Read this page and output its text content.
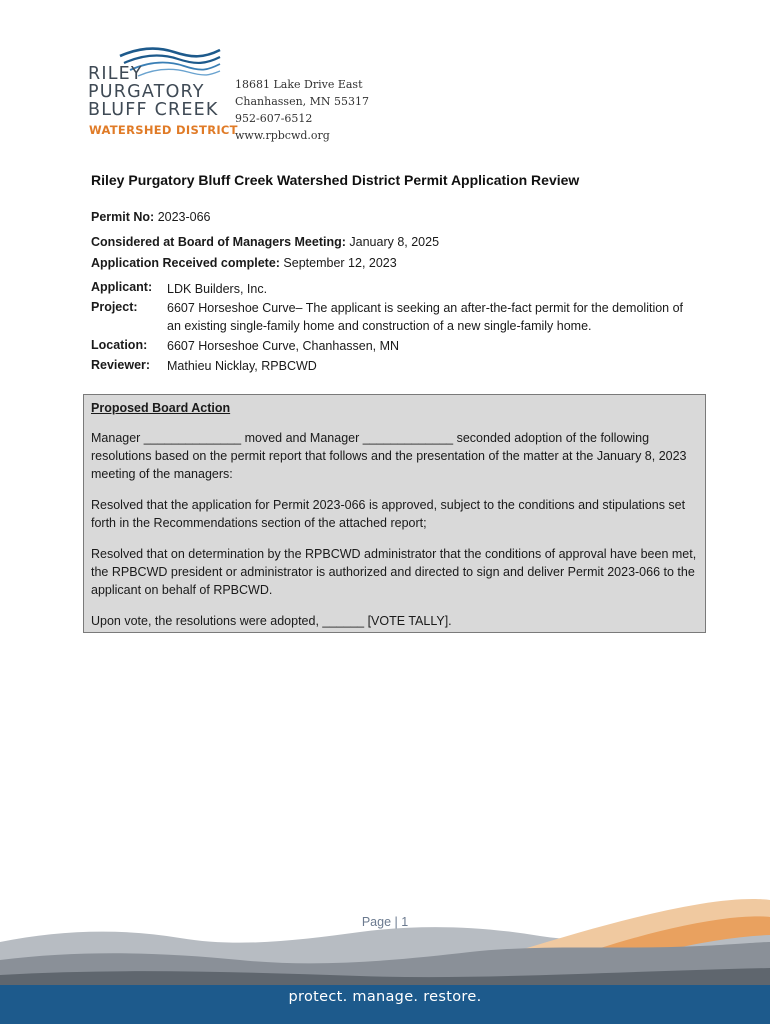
RILEY
PURGATORY
BLUFF CREEK
WATERSHED DISTRICT
18681 Lake Drive East
Chanhassen, MN 55317
952-607-6512
www.rpbcwd.org
Riley Purgatory Bluff Creek Watershed District Permit Application Review
Permit No: 2023-066
Considered at Board of Managers Meeting: January 8, 2025
Application Received complete: September 12, 2023
Applicant: LDK Builders, Inc.
Project: 6607 Horseshoe Curve– The applicant is seeking an after-the-fact permit for the demolition of an existing single-family home and construction of a new single-family home.
Location: 6607 Horseshoe Curve, Chanhassen, MN
Reviewer: Mathieu Nicklay, RPBCWD
Proposed Board Action

Manager ______________ moved and Manager _____________ seconded adoption of the following resolutions based on the permit report that follows and the presentation of the matter at the January 8, 2023 meeting of the managers:

Resolved that the application for Permit 2023-066 is approved, subject to the conditions and stipulations set forth in the Recommendations section of the attached report;

Resolved that on determination by the RPBCWD administrator that the conditions of approval have been met, the RPBCWD president or administrator is authorized and directed to sign and deliver Permit 2023-066 to the applicant on behalf of RPBCWD.

Upon vote, the resolutions were adopted, ______ [VOTE TALLY].

Page | 1
protect. manage. restore.
